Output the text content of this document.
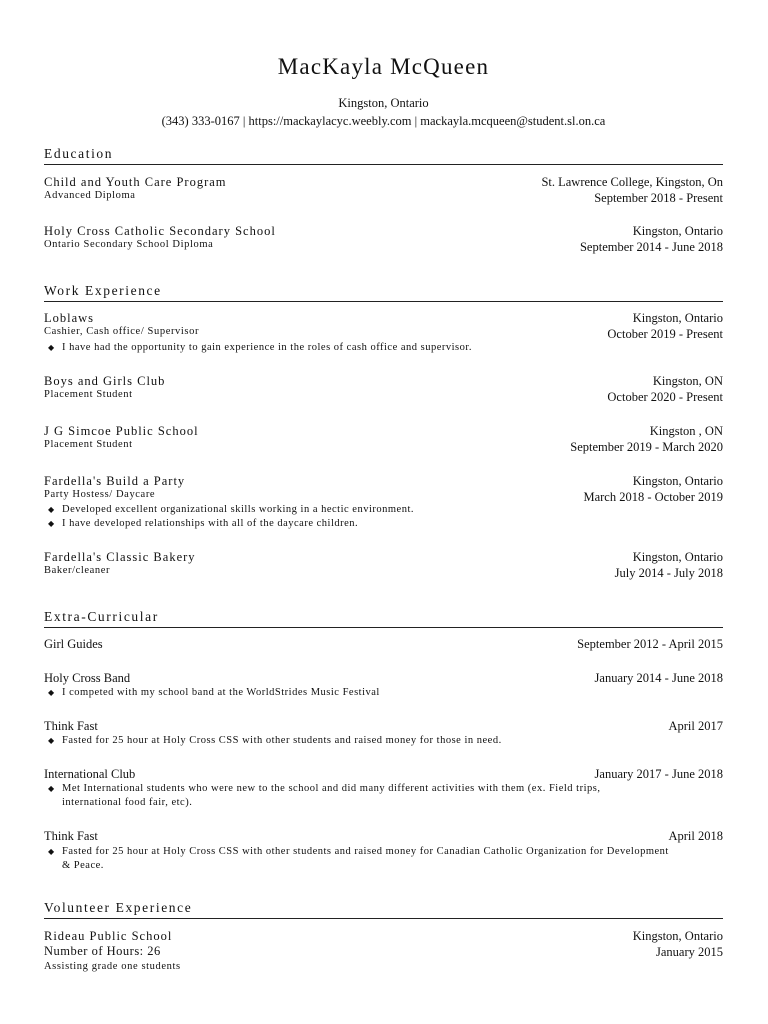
MacKayla McQueen
Kingston, Ontario
(343) 333-0167 | https://mackaylacyc.weebly.com | mackayla.mcqueen@student.sl.on.ca
Education
Child and Youth Care Program	St. Lawrence College, Kingston, On
Advanced Diploma	September 2018 - Present
Holy Cross Catholic Secondary School	Kingston, Ontario
Ontario Secondary School Diploma	September 2014 - June 2018
Work Experience
Loblaws	Kingston, Ontario
Cashier, Cash office/ Supervisor	October 2019 - Present
◆ I have had the opportunity to gain experience in the roles of cash office and supervisor.
Boys and Girls Club	Kingston, ON
Placement Student	October 2020 - Present
J G Simcoe Public School	Kingston , ON
Placement Student	September 2019 - March 2020
Fardella's Build a Party	Kingston, Ontario
Party Hostess/ Daycare	March 2018 - October 2019
◆ Developed excellent organizational skills working in a hectic environment.
◆ I have developed relationships with all of the daycare children.
Fardella's Classic Bakery	Kingston, Ontario
Baker/cleaner	July 2014 - July 2018
Extra-Curricular
Girl Guides	September 2012 - April 2015
Holy Cross Band	January 2014 - June 2018
◆ I competed with my school band at the WorldStrides Music Festival
Think Fast	April 2017
◆ Fasted for 25 hour at Holy Cross CSS with other students and raised money for those in need.
International Club	January 2017 - June 2018
◆ Met International students who were new to the school and did many different activities with them (ex. Field trips, international food fair, etc).
Think Fast	April 2018
◆ Fasted for 25 hour at Holy Cross CSS with other students and raised money for Canadian Catholic Organization for Development & Peace.
Volunteer Experience
Rideau Public School	Kingston, Ontario
Number of Hours: 26	January 2015
Assisting grade one students
